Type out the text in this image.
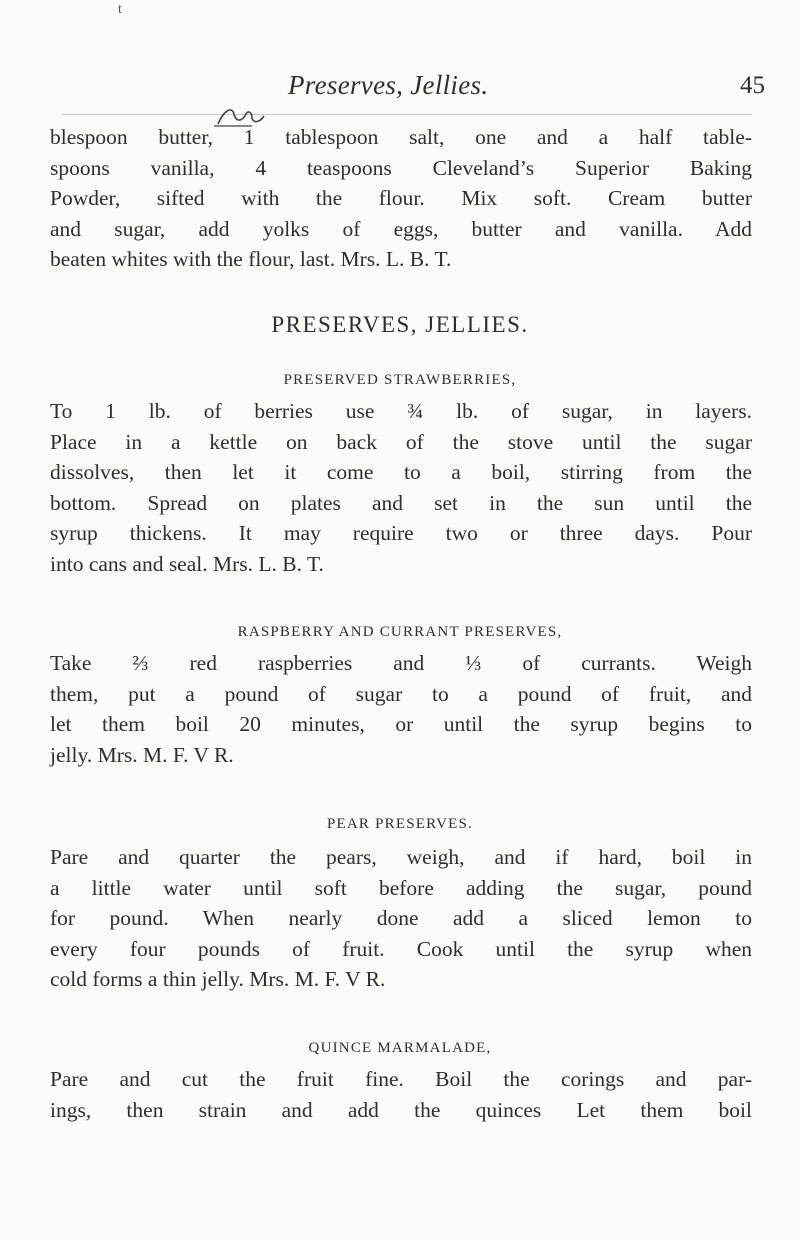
t
Preserves, Jellies.	45

blespoon butter, 1 tablespoon salt, one and a half table-
spoons vanilla, 4 teaspoons Cleveland’s Superior Baking
Powder, sifted with the flour. Mix soft. Cream butter
and sugar, add yolks of eggs, butter and vanilla. Add
beaten whites with the flour, last. Mrs. L. B. T.

PRESERVES, JELLIES.
PRESERVED STRAWBERRIES,

To 1 lb. of berries use ¾ lb. of sugar, in layers.
Place in a kettle on back of the stove until the sugar
dissolves, then let it come to a boil, stirring from the
bottom. Spread on plates and set in the sun until the
syrup thickens. It may require two or three days. Pour
into cans and seal. Mrs. L. B. T.

RASPBERRY AND CURRANT PRESERVES,

Take ⅔ red raspberries and ⅓ of currants. Weigh
them, put a pound of sugar to a pound of fruit, and
let them boil 20 minutes, or until the syrup begins to
jelly. Mrs. M. F. V R.

PEAR PRESERVES.

Pare and quarter the pears, weigh, and if hard, boil in
a little water until soft before adding the sugar, pound
for pound. When nearly done add a sliced lemon to
every four pounds of fruit. Cook until the syrup when
cold forms a thin jelly. Mrs. M. F. V R.

QUINCE MARMALADE,

Pare and cut the fruit fine. Boil the corings and par-
ings, then strain and add the quinces Let them boil
